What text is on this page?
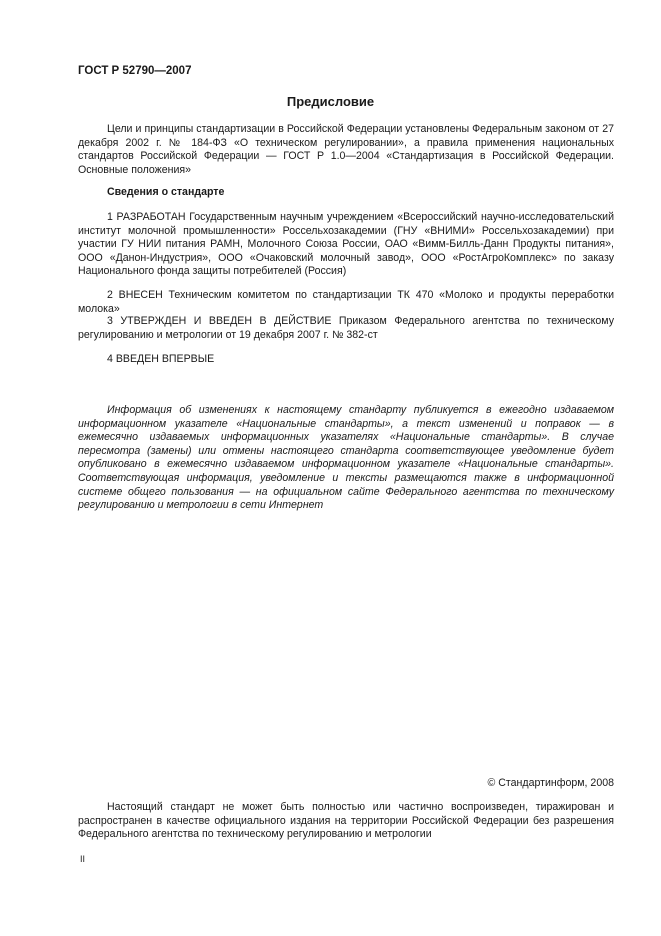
ГОСТ Р 52790—2007
Предисловие

Цели и принципы стандартизации в Российской Федерации установлены Федеральным законом от 27 декабря 2002 г. № 184-ФЗ «О техническом регулировании», а правила применения национальных стандартов Российской Федерации — ГОСТ Р 1.0—2004 «Стандартизация в Российской Федерации. Основные положения»

Сведения о стандарте

1 РАЗРАБОТАН Государственным научным учреждением «Всероссийский научно-исследовательский институт молочной промышленности» Россельхозакадемии (ГНУ «ВНИМИ» Россельхозакадемии) при участии ГУ НИИ питания РАМН, Молочного Союза России, ОАО «Вимм-Билль-Данн Продукты питания», ООО «Данон-Индустрия», ООО «Очаковский молочный завод», ООО «РостАгроКомплекс» по заказу Национального фонда защиты потребителей (Россия)

2 ВНЕСЕН Техническим комитетом по стандартизации ТК 470 «Молоко и продукты переработки молока»

3 УТВЕРЖДЕН И ВВЕДЕН В ДЕЙСТВИЕ Приказом Федерального агентства по техническому регулированию и метрологии от 19 декабря 2007 г. № 382-ст

4 ВВЕДЕН ВПЕРВЫЕ

Информация об изменениях к настоящему стандарту публикуется в ежегодно издаваемом информационном указателе «Национальные стандарты», а текст изменений и поправок — в ежемесячно издаваемых информационных указателях «Национальные стандарты». В случае пересмотра (замены) или отмены настоящего стандарта соответствующее уведомление будет опубликовано в ежемесячно издаваемом информационном указателе «Национальные стандарты». Соответствующая информация, уведомление и тексты размещаются также в информационной системе общего пользования — на официальном сайте Федерального агентства по техническому регулированию и метрологии в сети Интернет

© Стандартинформ, 2008

Настоящий стандарт не может быть полностью или частично воспроизведен, тиражирован и распространен в качестве официального издания на территории Российской Федерации без разрешения Федерального агентства по техническому регулированию и метрологии

II
